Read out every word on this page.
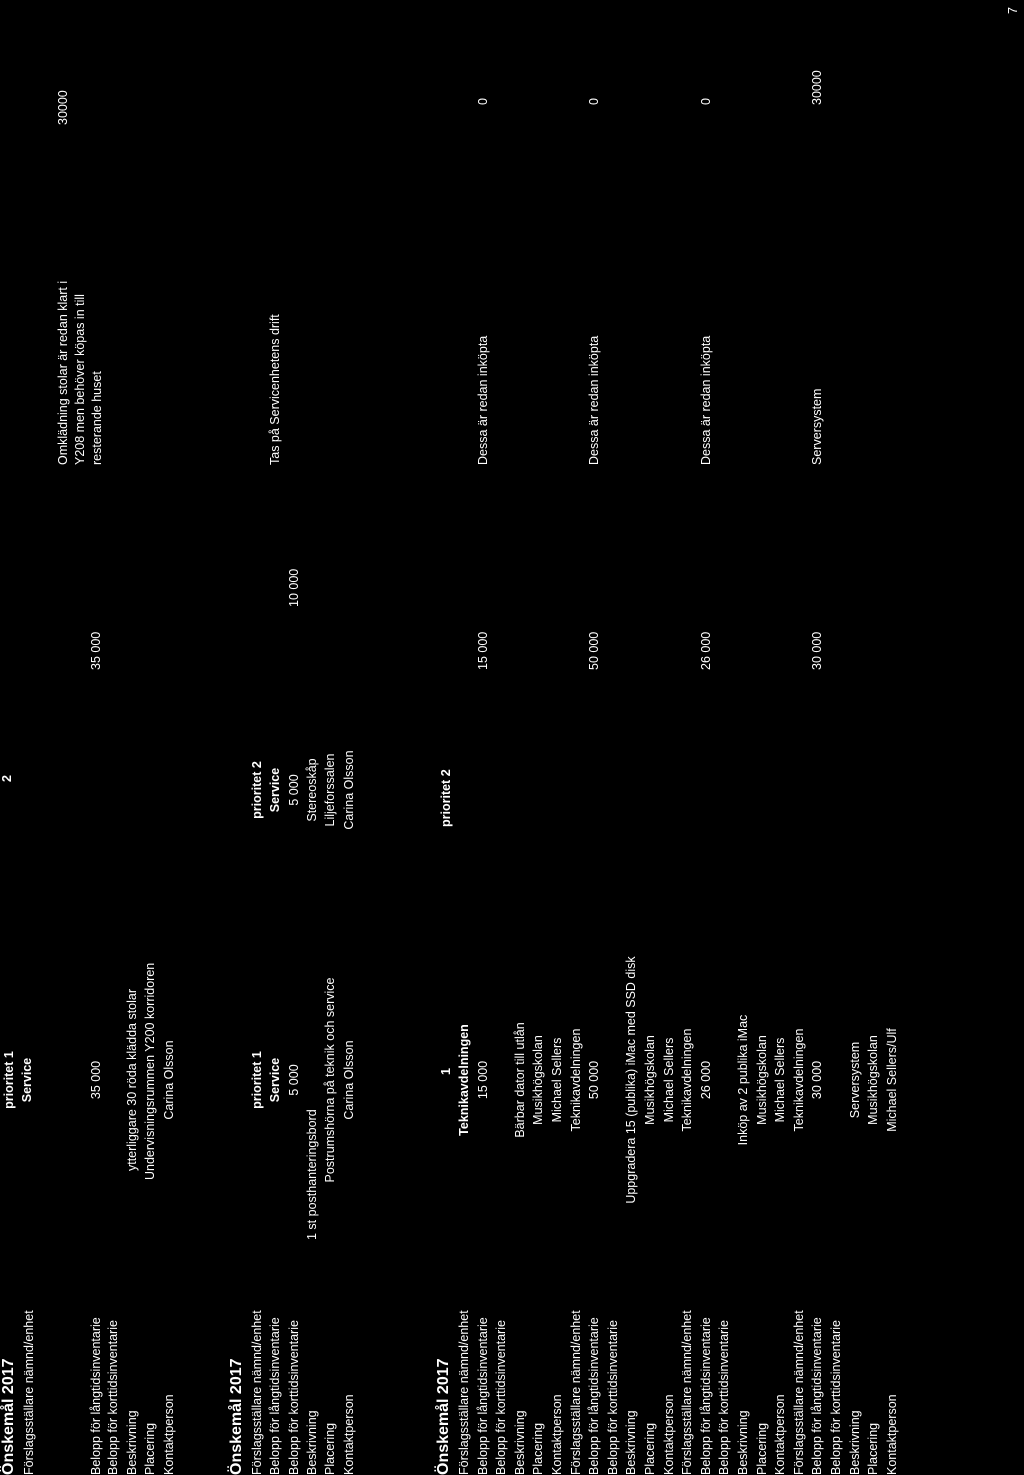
Önskemål 2017 Förslagsställare nämnd/enhet	Belopp för långtidsinventarie Belopp för korttidsinventarie Beskrivning Placering Kontaktperson
prioritet 1 Service	35 000 ytterliggare 30 röda klädda stolar Undervisningsrummen Y200 korridoren Carina Olsson
2
35 000
Omklädning stolar är redan klart i Y208 men behöver köpas in till resterande huset
30000
Önskemål 2017 Förslagsställare nämnd/enhet Belopp för långtidsinventarie Belopp för korttidsinventarie Beskrivning Placering Kontaktperson
prioritet 1 Service 5 000
1 st posthanteringsbord Postrumshörna på teknik och service Carina Olsson
prioritet 2 Service 5 000 Stereoskåp Liljeforssalen Carina Olsson
10 000
Tas på Servicenhetens drift
Önskemål 2017
1
prioritet 2
7
Förslagsställare nämnd/enhet
Teknikavdelningen
Belopp för långtidsinventarie
15 000
15 000
Dessa är redan inköpta
0
Belopp för korttidsinventarie Beskrivning
Bärbar dator till utlån
Placering
Musikhögskolan
Kontaktperson
Michael Sellers
Förslagsställare nämnd/enhet
Teknikavdelningen
Belopp för långtidsinventarie
50 000
50 000
Dessa är redan inköpta
0
Belopp för korttidsinventarie Beskrivning
Uppgradera 15 (publika) iMac med SSD disk
Placering
Musikhögskolan
Kontaktperson
Michael Sellers
Förslagsställare nämnd/enhet
Teknikavdelningen
Belopp för långtidsinventarie
26 000
26 000
Dessa är redan inköpta
0
Belopp för korttidsinventarie Beskrivning
Inköp av 2 publika iMac
Placering
Musikhögskolan
Kontaktperson
Michael Sellers
Förslagsställare nämnd/enhet
Teknikavdelningen
Belopp för långtidsinventarie
30 000
30 000
Serversystem
30000
Belopp för korttidsinventarie Beskrivning
Serversystem
Placering
Musikhögskolan
Kontaktperson
Michael Sellers/Ulf
